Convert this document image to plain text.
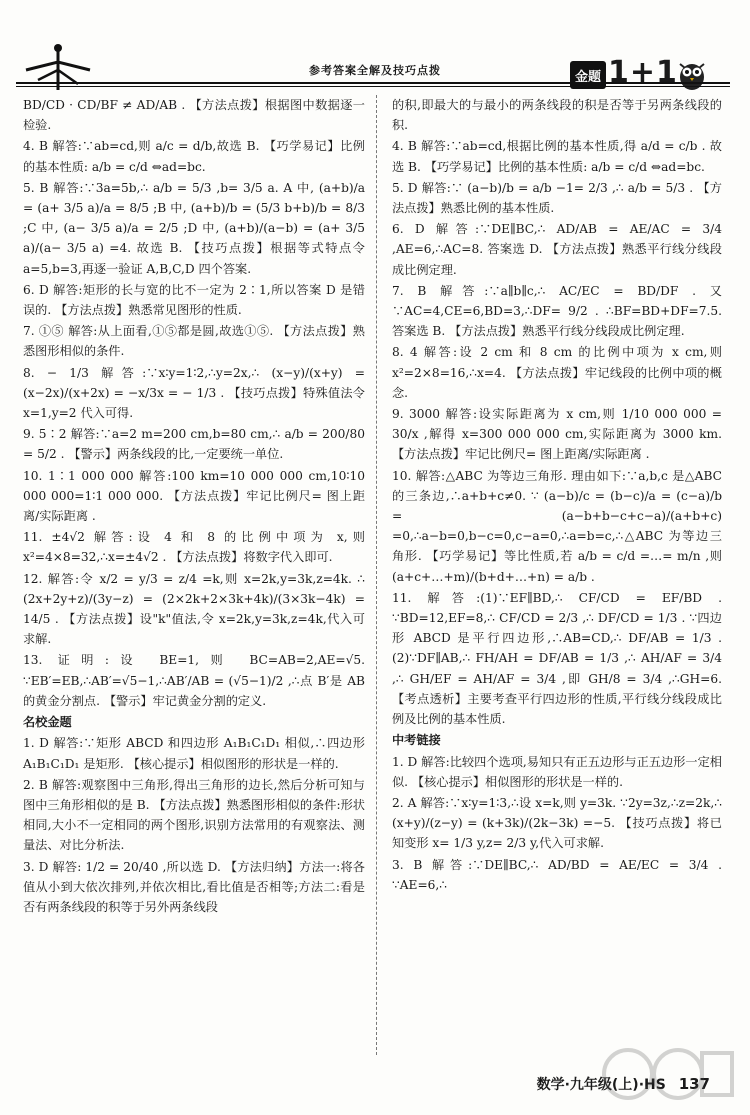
参考答案全解及技巧点拨	金题 1+1

BD/CD · CD/BF ≠ AD/AB . 【方法点拨】根据图中数据逐一检验.

4. B 解答:∵ab=cd,则 a/c = d/b,故选 B. 【巧学易记】比例的基本性质: a/b = c/d ⇔ad=bc.

5. B 解答:∵3a=5b,∴ a/b = 5/3 ,b= 3/5 a. A 中, (a+b)/a = (a+ 3/5 a)/a = 8/5 ;B 中, (a+b)/b = (5/3 b+b)/b = 8/3 ;C 中, (a− 3/5 a)/a = 2/5 ;D 中, (a+b)/(a−b) = (a+ 3/5 a)/(a− 3/5 a) =4. 故选 B. 【技巧点拨】根据等式特点令 a=5,b=3,再逐一验证 A,B,C,D 四个答案.

6. D 解答:矩形的长与宽的比不一定为 2∶1,所以答案 D 是错误的. 【方法点拨】熟悉常见图形的性质.

7. ①⑤ 解答:从上面看,①⑤都是圆,故选①⑤. 【方法点拨】熟悉图形相似的条件.

8. − 1/3 解答:∵x∶y=1∶2,∴y=2x,∴ (x−y)/(x+y) = (x−2x)/(x+2x) = −x/3x = − 1/3 . 【技巧点拨】特殊值法令 x=1,y=2 代入可得.

9. 5∶2 解答:∵a=2 m=200 cm,b=80 cm,∴ a/b = 200/80 = 5/2 . 【警示】两条线段的比,一定要统一单位.

10. 1∶1 000 000 解答:100 km=10 000 000 cm,10∶10 000 000=1∶1 000 000. 【方法点拨】牢记比例尺= 图上距离/实际距离 .

11. ±4√2 解答:设 4 和 8 的比例中项为 x,则 x²=4×8=32,∴x=±4√2 . 【方法点拨】将数字代入即可.

12. 解答:令 x/2 = y/3 = z/4 =k,则 x=2k,y=3k,z=4k. ∴ (2x+2y+z)/(3y−z) = (2×2k+2×3k+4k)/(3×3k−4k) = 14/5 . 【方法点拨】设"k"值法,令 x=2k,y=3k,z=4k,代入可求解.

13. 证明:设 BE=1,则 BC=AB=2,AE=√5. ∵EB′=EB,∴AB′=√5−1,∴AB′/AB = (√5−1)/2 ,∴点 B′是 AB 的黄金分割点. 【警示】牢记黄金分割的定义.

名校金题

1. D 解答:∵矩形 ABCD 和四边形 A₁B₁C₁D₁ 相似,∴四边形 A₁B₁C₁D₁ 是矩形. 【核心提示】相似图形的形状是一样的.

2. B 解答:观察图中三角形,得出三角形的边长,然后分析可知与图中三角形相似的是 B. 【方法点拨】熟悉图形相似的条件:形状相同,大小不一定相同的两个图形,识别方法常用的有观察法、测量法、对比分析法.

3. D 解答: 1/2 = 20/40 ,所以选 D. 【方法归纳】方法一:将各值从小到大依次排列,并依次相比,看比值是否相等;方法二:看是否有两条线段的积等于另外两条线段

的积,即最大的与最小的两条线段的积是否等于另两条线段的积.

4. B 解答:∵ab=cd,根据比例的基本性质,得 a/d = c/b . 故选 B. 【巧学易记】比例的基本性质: a/b = c/d ⇔ad=bc.

5. D 解答:∵ (a−b)/b = a/b −1= 2/3 ,∴ a/b = 5/3 . 【方法点拨】熟悉比例的基本性质.

6. D 解答:∵DE∥BC,∴ AD/AB = AE/AC = 3/4 ,AE=6,∴AC=8. 答案选 D. 【方法点拨】熟悉平行线分线段成比例定理.

7. B 解答:∵a∥b∥c,∴ AC/EC = BD/DF . 又∵AC=4,CE=6,BD=3,∴DF= 9/2 . ∴BF=BD+DF=7.5. 答案选 B. 【方法点拨】熟悉平行线分线段成比例定理.

8. 4 解答:设 2 cm 和 8 cm 的比例中项为 x cm,则 x²=2×8=16,∴x=4. 【方法点拨】牢记线段的比例中项的概念.

9. 3000 解答:设实际距离为 x cm,则 1/10 000 000 = 30/x ,解得 x=300 000 000 cm,实际距离为 3000 km. 【方法点拨】牢记比例尺= 图上距离/实际距离 .

10. 解答:△ABC 为等边三角形. 理由如下:∵a,b,c 是△ABC 的三条边,∴a+b+c≠0. ∵ (a−b)/c = (b−c)/a = (c−a)/b = (a−b+b−c+c−a)/(a+b+c) =0,∴a−b=0,b−c=0,c−a=0,∴a=b=c,∴△ABC 为等边三角形. 【巧学易记】等比性质,若 a/b = c/d =…= m/n ,则 (a+c+…+m)/(b+d+…+n) = a/b .

11. 解答:(1)∵EF∥BD,∴ CF/CD = EF/BD . ∵BD=12,EF=8,∴ CF/CD = 2/3 ,∴ DF/CD = 1/3 . ∵四边形 ABCD 是平行四边形,∴AB=CD,∴ DF/AB = 1/3 . (2)∵DF∥AB,∴ FH/AH = DF/AB = 1/3 ,∴ AH/AF = 3/4 ,∴ GH/EF = AH/AF = 3/4 ,即 GH/8 = 3/4 ,∴GH=6. 【考点透析】主要考查平行四边形的性质,平行线分线段成比例及比例的基本性质.

中考链接

1. D 解答:比较四个选项,易知只有正五边形与正五边形一定相似. 【核心提示】相似图形的形状是一样的.

2. A 解答:∵x∶y=1∶3,∴设 x=k,则 y=3k. ∵2y=3z,∴z=2k,∴ (x+y)/(z−y) = (k+3k)/(2k−3k) =−5. 【技巧点拨】将已知变形 x= 1/3 y,z= 2/3 y,代入可求解.

3. B 解答:∵DE∥BC,∴ AD/BD = AE/EC = 3/4 . ∵AE=6,∴

数学·九年级(上)·HS 137
